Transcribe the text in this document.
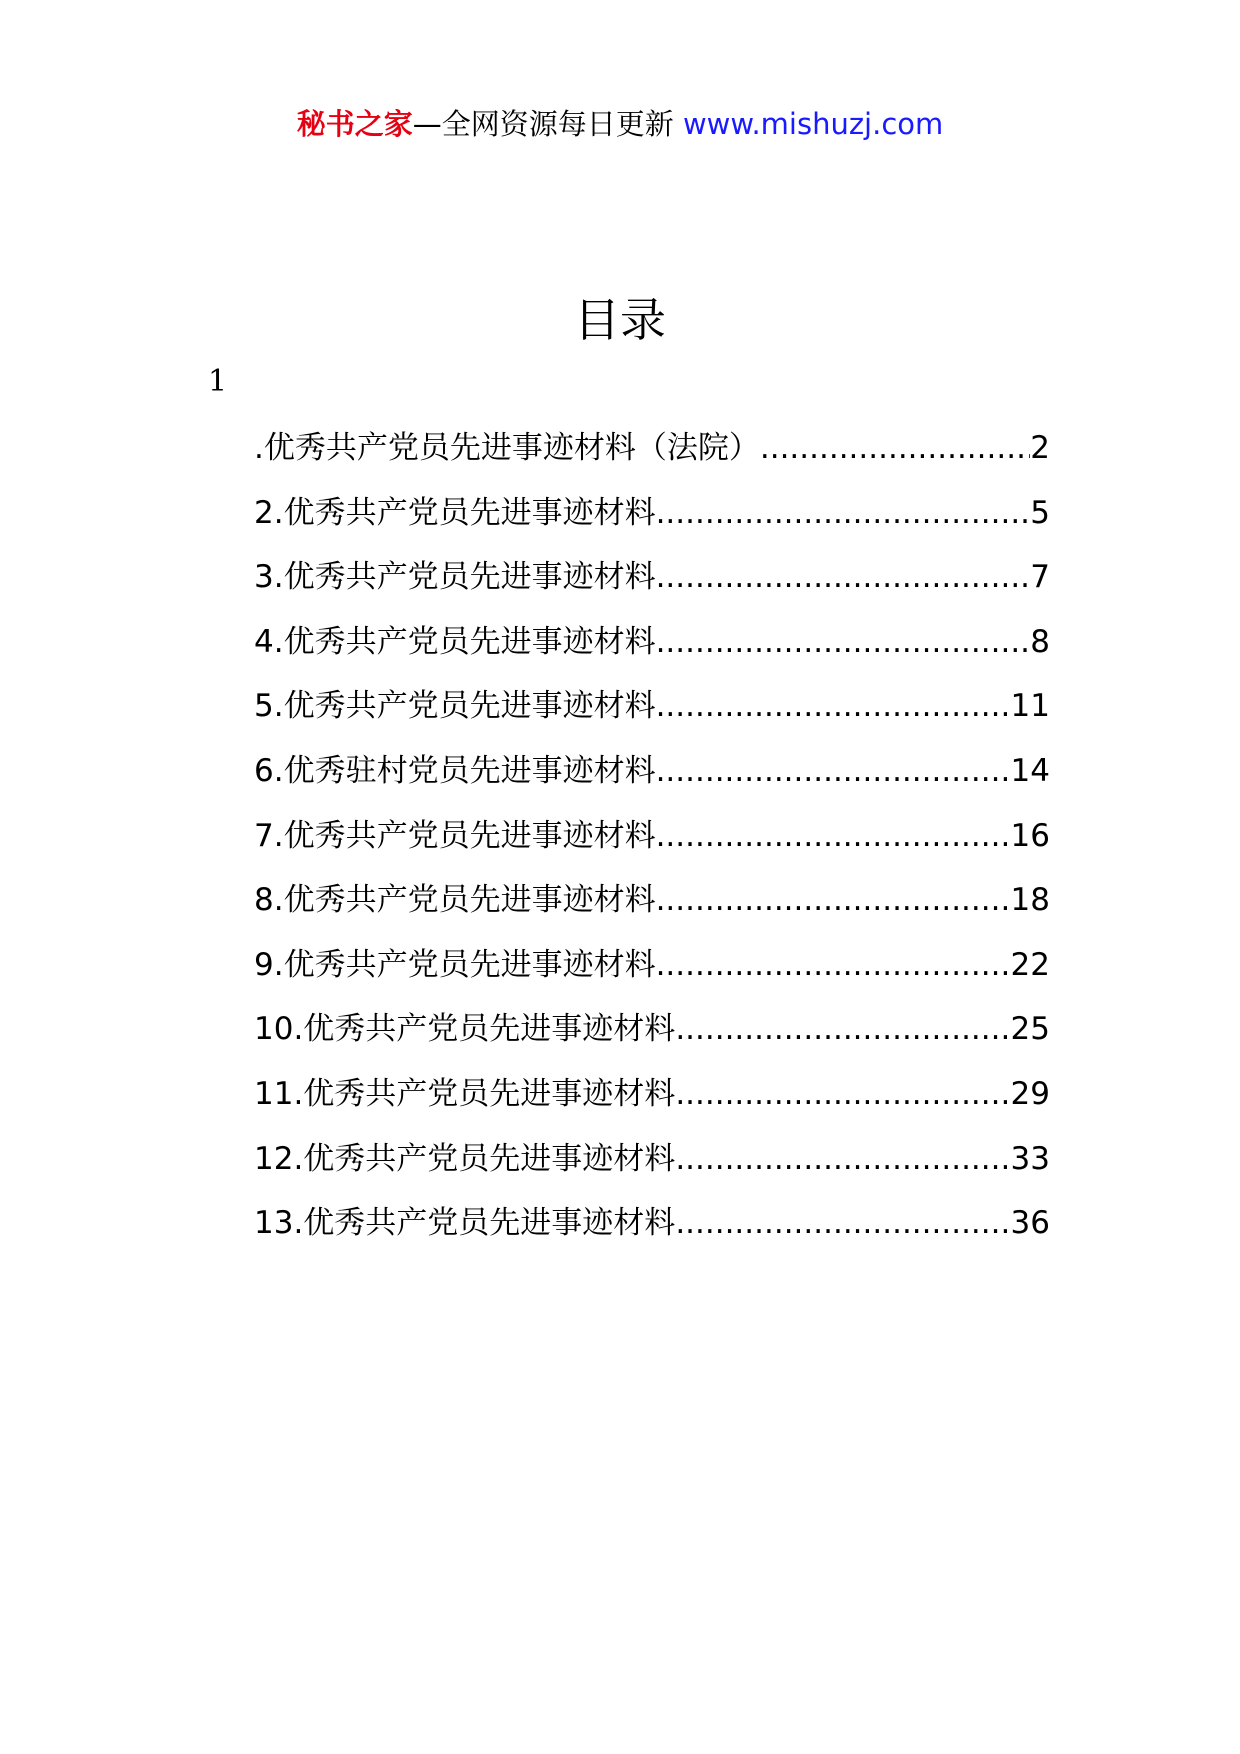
秘书之家—全网资源每日更新 www.mishuzj.com
目录
1
.优秀共产党员先进事迹材料（法院） .....	2
2.优秀共产党员先进事迹材料 .....	5
3.优秀共产党员先进事迹材料 .....	7
4.优秀共产党员先进事迹材料 .....	8
5.优秀共产党员先进事迹材料 .....	11
6.优秀驻村党员先进事迹材料 .....	14
7.优秀共产党员先进事迹材料 .....	16
8.优秀共产党员先进事迹材料 .....	18
9.优秀共产党员先进事迹材料 .....	22
10.优秀共产党员先进事迹材料 .....	25
11.优秀共产党员先进事迹材料 .....	29
12.优秀共产党员先进事迹材料 .....	33
13.优秀共产党员先进事迹材料 .....	36
